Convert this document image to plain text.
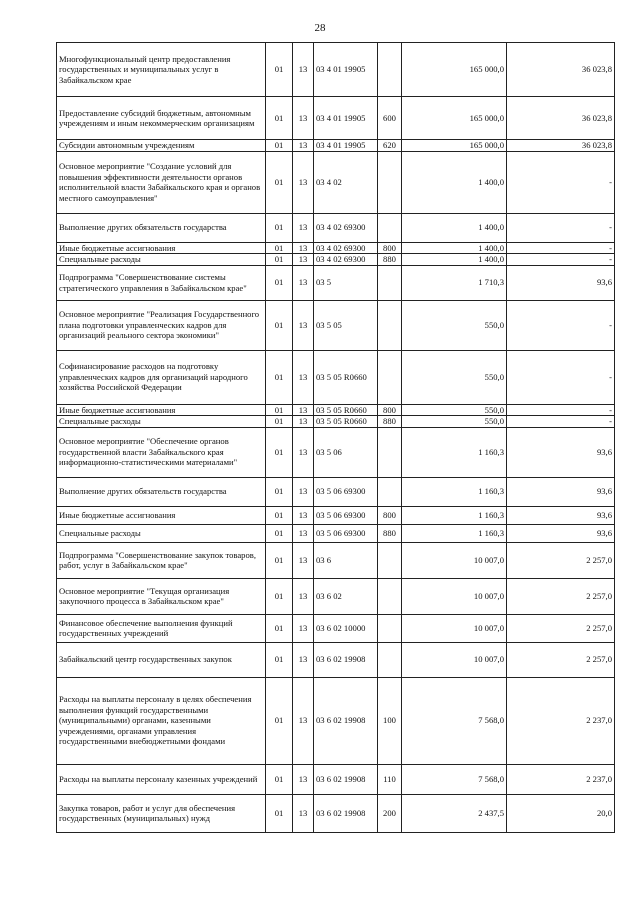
28
Многофункциональный центр предоставления государственных и муниципальных услуг в Забайкальском крае	01	13	03 4 01 19905		165 000,0	36 023,8
Предоставление субсидий бюджетным, автономным учреждениям и иным некоммерческим организациям	01	13	03 4 01 19905	600	165 000,0	36 023,8
Субсидии автономным учреждениям	01	13	03 4 01 19905	620	165 000,0	36 023,8
Основное мероприятие "Создание условий для повышения эффективности деятельности органов исполнительной власти Забайкальского края и органов местного самоуправления"	01	13	03 4 02		1 400,0	-
Выполнение других обязательств государства	01	13	03 4 02 69300		1 400,0	-
Иные бюджетные ассигнования	01	13	03 4 02 69300	800	1 400,0	-
Специальные расходы	01	13	03 4 02 69300	880	1 400,0	-
Подпрограмма "Совершенствование системы стратегического управления в Забайкальском крае"	01	13	03 5		1 710,3	93,6
Основное мероприятие "Реализация Государственного плана подготовки управленческих кадров для организаций реального сектора экономики"	01	13	03 5 05		550,0	-
Софинансирование расходов на подготовку управленческих кадров для организаций народного хозяйства Российской Федерации	01	13	03 5 05 R0660		550,0	-
Иные бюджетные ассигнования	01	13	03 5 05 R0660	800	550,0	-
Специальные расходы	01	13	03 5 05 R0660	880	550,0	-
Основное мероприятие "Обеспечение органов государственной власти Забайкальского края информационно-статистическими материалами"	01	13	03 5 06		1 160,3	93,6
Выполнение других обязательств государства	01	13	03 5 06 69300		1 160,3	93,6
Иные бюджетные ассигнования	01	13	03 5 06 69300	800	1 160,3	93,6
Специальные расходы	01	13	03 5 06 69300	880	1 160,3	93,6
Подпрограмма "Совершенствование закупок товаров, работ, услуг в Забайкальском крае"	01	13	03 6		10 007,0	2 257,0
Основное мероприятие "Текущая организация закупочного процесса в Забайкальском крае"	01	13	03 6 02		10 007,0	2 257,0
Финансовое обеспечение выполнения функций государственных учреждений	01	13	03 6 02 10000		10 007,0	2 257,0
Забайкальский центр государственных закупок	01	13	03 6 02 19908		10 007,0	2 257,0
Расходы на выплаты персоналу в целях обеспечения выполнения функций государственными (муниципальными) органами, казенными учреждениями, органами управления государственными внебюджетными фондами	01	13	03 6 02 19908	100	7 568,0	2 237,0
Расходы на выплаты персоналу казенных учреждений	01	13	03 6 02 19908	110	7 568,0	2 237,0
Закупка товаров, работ и услуг для обеспечения государственных (муниципальных) нужд	01	13	03 6 02 19908	200	2 437,5	20,0
